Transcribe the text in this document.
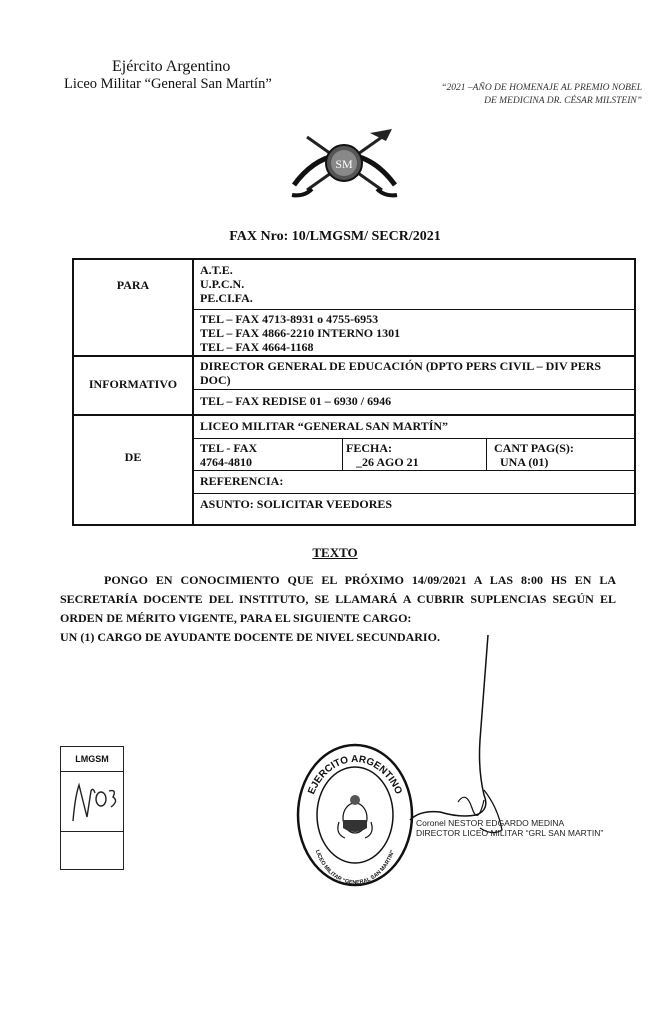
Ejército Argentino
Liceo Militar “General San Martín”	“2021 –AÑO DE HOMENAJE AL PREMIO NOBEL
DE MEDICINA DR. CÉSAR MILSTEIN”
SM
FAX Nro: 10/LMGSM/ SECR/2021
PARA
A.T.E.
U.P.C.N.
PE.CI.FA.
TEL – FAX 4713-8931 o 4755-6953
TEL – FAX 4866-2210 INTERNO 1301
TEL – FAX 4664-1168
INFORMATIVO
DIRECTOR GENERAL DE EDUCACIÓN (DPTO PERS CIVIL – DIV PERS DOC)
TEL – FAX REDISE 01 – 6930 / 6946
DE
LICEO MILITAR “GENERAL SAN MARTÍN”
TEL - FAX
4764-4810
FECHA:
_26 AGO 21
CANT PAG(S):
UNA (01)
REFERENCIA:
ASUNTO: SOLICITAR VEEDORES
TEXTO
PONGO EN CONOCIMIENTO QUE EL PRÓXIMO 14/09/2021 A LAS 8:00 HS EN LA SECRETARÍA DOCENTE DEL INSTITUTO, SE LLAMARÁ A CUBRIR SUPLENCIAS SEGÚN EL ORDEN DE MÉRITO VIGENTE, PARA EL SIGUIENTE CARGO:
UN (1) CARGO DE AYUDANTE DOCENTE DE NIVEL SECUNDARIO.
LMGSM
EJERCITO ARGENTINO
LICEO MILITAR “GENERAL SAN MARTIN”
Coronel NESTOR EDGARDO MEDINA
DIRECTOR LICEO MILITAR “GRL SAN MARTIN”
